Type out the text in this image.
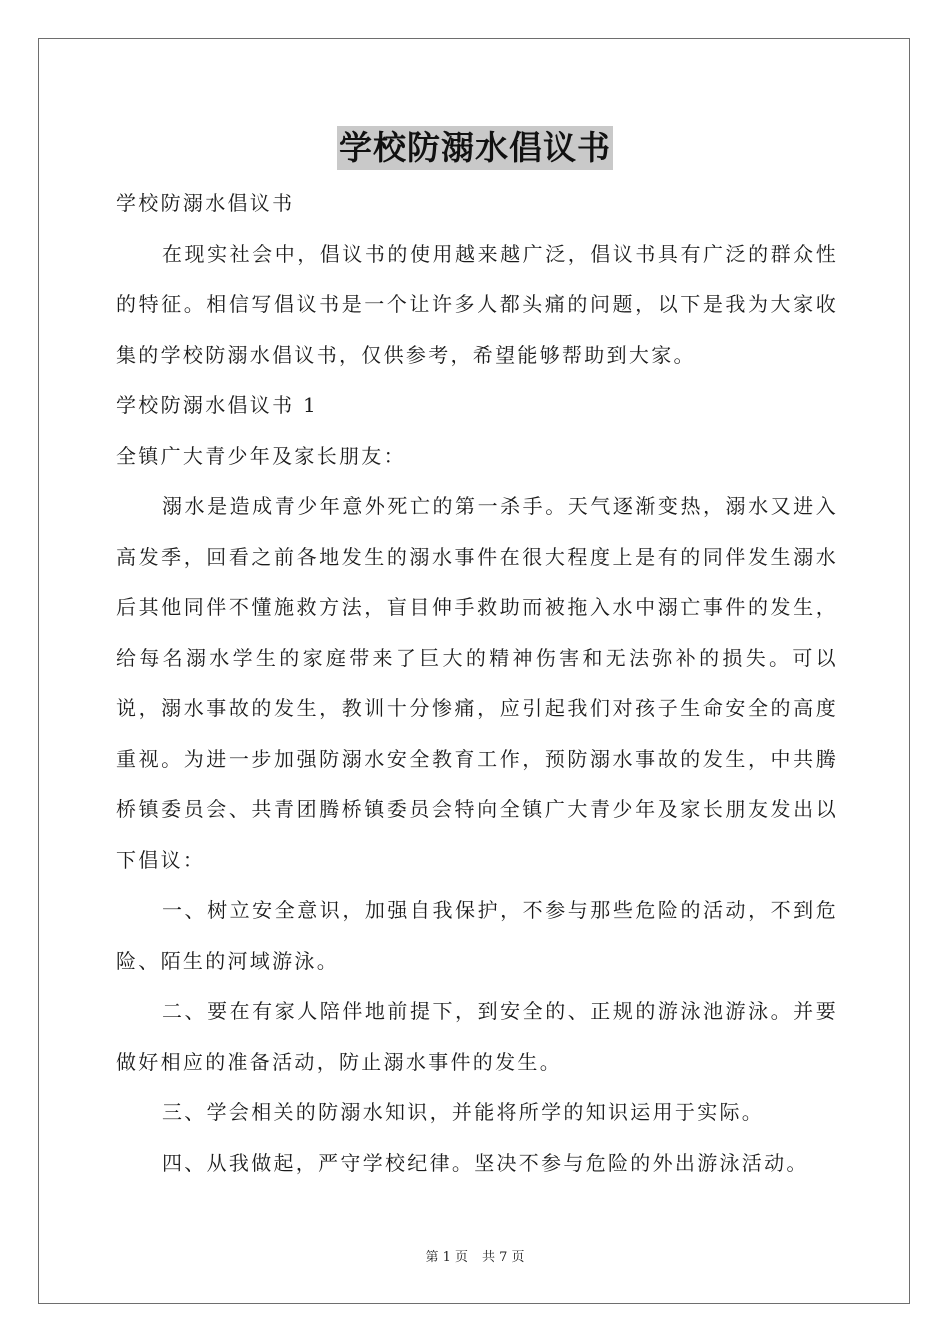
学校防溺水倡议书

学校防溺水倡议书

在现实社会中，倡议书的使用越来越广泛，倡议书具有广泛的群众性的特征。相信写倡议书是一个让许多人都头痛的问题，以下是我为大家收集的学校防溺水倡议书，仅供参考，希望能够帮助到大家。

学校防溺水倡议书 1

全镇广大青少年及家长朋友：

溺水是造成青少年意外死亡的第一杀手。天气逐渐变热，溺水又进入高发季，回看之前各地发生的溺水事件在很大程度上是有的同伴发生溺水后其他同伴不懂施救方法，盲目伸手救助而被拖入水中溺亡事件的发生，给每名溺水学生的家庭带来了巨大的精神伤害和无法弥补的损失。可以说，溺水事故的发生，教训十分惨痛，应引起我们对孩子生命安全的高度重视。为进一步加强防溺水安全教育工作，预防溺水事故的发生，中共腾桥镇委员会、共青团腾桥镇委员会特向全镇广大青少年及家长朋友发出以下倡议：

一、树立安全意识，加强自我保护，不参与那些危险的活动，不到危险、陌生的河域游泳。

二、要在有家人陪伴地前提下，到安全的、正规的游泳池游泳。并要做好相应的准备活动，防止溺水事件的发生。

三、学会相关的防溺水知识，并能将所学的知识运用于实际。

四、从我做起，严守学校纪律。坚决不参与危险的外出游泳活动。

第 1 页 共 7 页
